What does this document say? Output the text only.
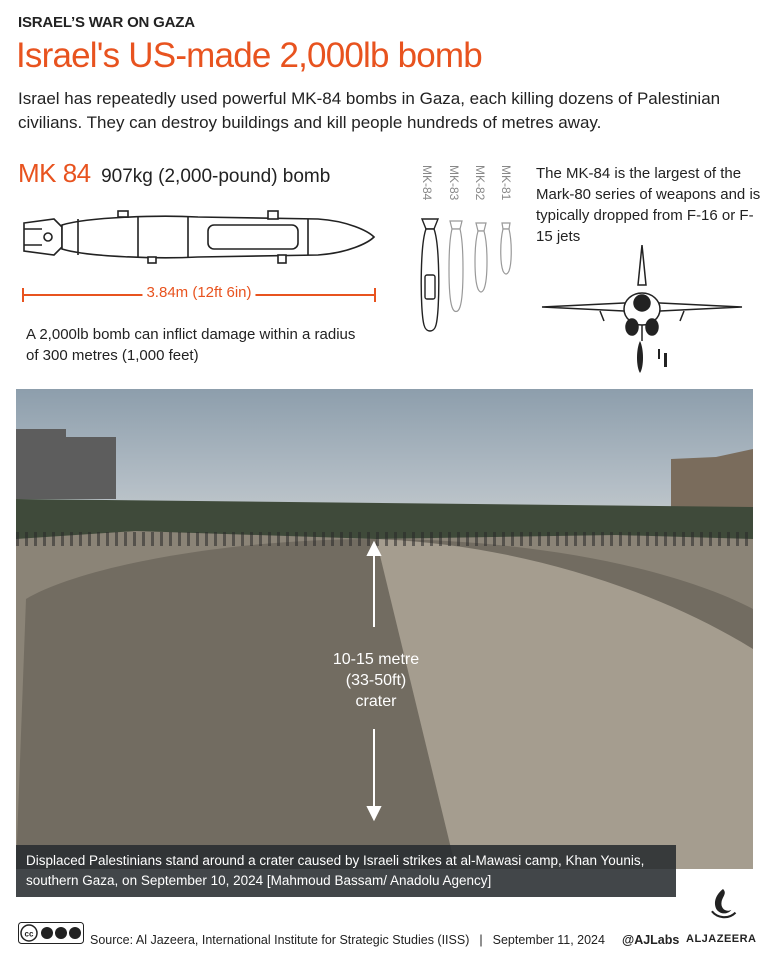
ISRAEL’S WAR ON GAZA
Israel's US-made 2,000lb bomb
Israel has repeatedly used powerful MK-84 bombs in Gaza, each killing dozens of Palestinian civilians. They can destroy buildings and kill people hundreds of metres away.
MK 84 907kg (2,000-pound) bomb
3.84m (12ft 6in)
A 2,000lb bomb can inflict damage within a radius of 300 metres (1,000 feet)
MK-84 MK-83 MK-82 MK-81 The MK-84 is the largest of the Mark-80 series of weapons and is typically dropped from F-16 or F-15 jets
10-15 metre
(33-50ft)
crater
Displaced Palestinians stand around a crater caused by Israeli strikes at al-Mawasi camp, Khan Younis, southern Gaza, on September 10, 2024 [Mahmoud Bassam/ Anadolu Agency]
cc	Source: Al Jazeera, International Institute for Strategic Studies (IISS) | September 11, 2024 @AJLabs ALJAZEERA
